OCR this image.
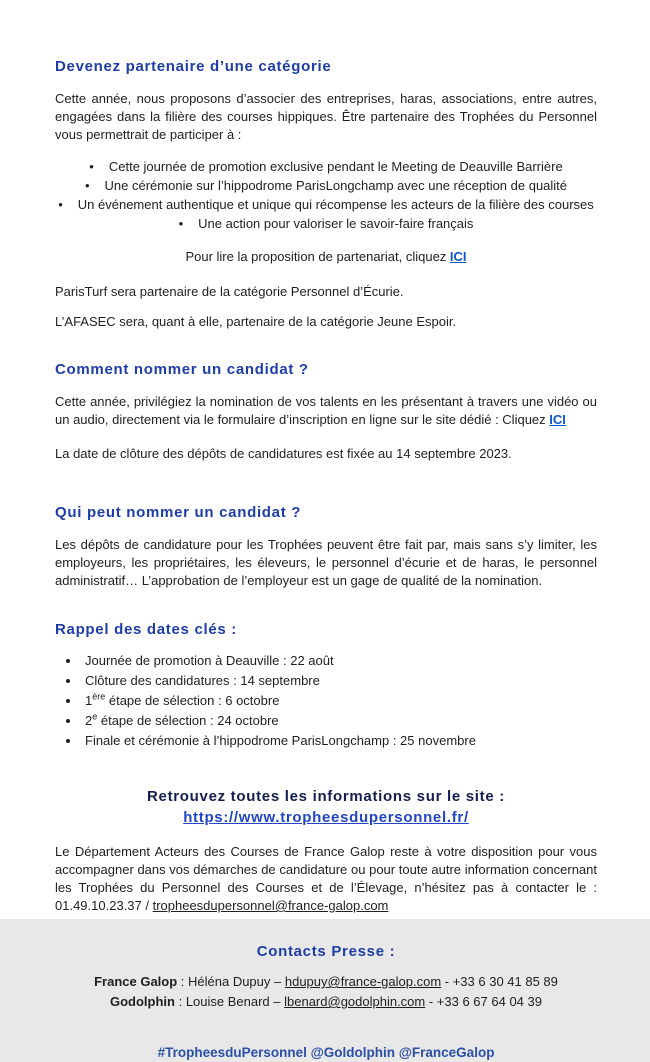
Devenez partenaire d’une catégorie

Cette année, nous proposons d’associer des entreprises, haras, associations, entre autres, engagées dans la filière des courses hippiques. Être partenaire des Trophées du Personnel vous permettrait de participer à :

• Cette journée de promotion exclusive pendant le Meeting de Deauville Barrière
• Une cérémonie sur l’hippodrome ParisLongchamp avec une réception de qualité
• Un événement authentique et unique qui récompense les acteurs de la filière des courses
• Une action pour valoriser le savoir-faire français

Pour lire la proposition de partenariat, cliquez ICI

ParisTurf sera partenaire de la catégorie Personnel d’Écurie.

L’AFASEC sera, quant à elle, partenaire de la catégorie Jeune Espoir.

Comment nommer un candidat ?

Cette année, privilégiez la nomination de vos talents en les présentant à travers une vidéo ou un audio, directement via le formulaire d’inscription en ligne sur le site dédié : Cliquez ICI

La date de clôture des dépôts de candidatures est fixée au 14 septembre 2023.

Qui peut nommer un candidat ?

Les dépôts de candidature pour les Trophées peuvent être fait par, mais sans s’y limiter, les employeurs, les propriétaires, les éleveurs, le personnel d’écurie et de haras, le personnel administratif… L’approbation de l’employeur est un gage de qualité de la nomination.

Rappel des dates clés :
• Journée de promotion à Deauville : 22 août
• Clôture des candidatures : 14 septembre
• 1ère étape de sélection : 6 octobre
• 2e étape de sélection : 24 octobre
• Finale et cérémonie à l’hippodrome ParisLongchamp : 25 novembre
Retrouvez toutes les informations sur le site :
https://www.tropheesdupersonnel.fr/

Le Département Acteurs des Courses de France Galop reste à votre disposition pour vous accompagner dans vos démarches de candidature ou pour toute autre information concernant les Trophées du Personnel des Courses et de l’Élevage, n’hésitez pas à contacter le : 01.49.10.23.37 / tropheesdupersonnel@france-galop.com

Contacts Presse :

France Galop : Héléna Dupuy – hdupuy@france-galop.com - +33 6 30 41 85 89

Godolphin : Louise Benard – lbenard@godolphin.com - +33 6 67 64 04 39

#TropheesduPersonnel @Goldolphin @FranceGalop
